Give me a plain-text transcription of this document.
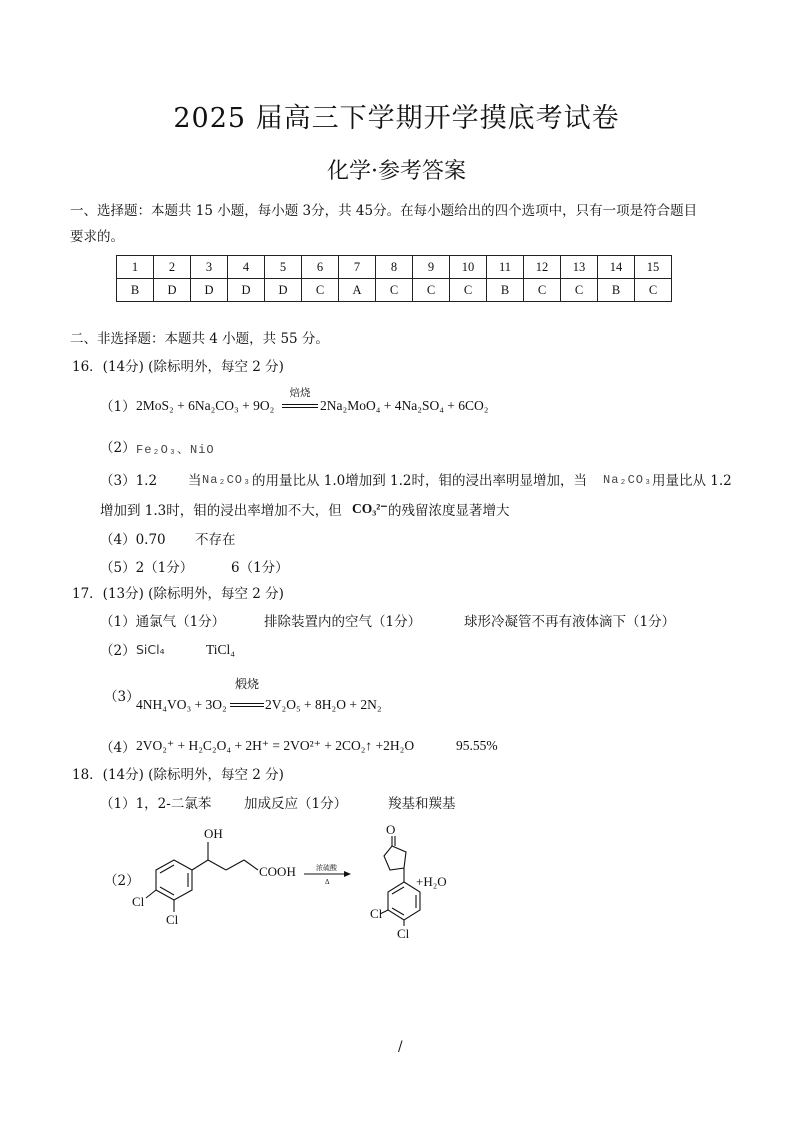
2025 届高三下学期开学摸底考试卷
化学·参考答案
一、选择题：本题共 15 小题，每小题 3分，共 45分。在每小题给出的四个选项中，只有一项是符合题目
要求的。
1	2	3	4	5	6	7	8	9	10	11	12	13	14	15
B	D	D	D	D	C	A	C	C	C	B	C	C	B	C
二、非选择题：本题共 4 小题，共 55 分。
16．(14分) (除标明外，每空 2 分)
（1） 2MoS₂ + 6Na₂CO₃ + 9O₂
焙烧
2Na₂MoO₄ + 4Na₂SO₄ + 6CO₂
（2） Fe₂O₃、NiO
（3）1.2 当 Na₂CO₃ 的用量比从 1.0增加到 1.2时，钼的浸出率明显增加，当 Na₂CO₃ 用量比从 1.2
增加到 1.3时，钼的浸出率增加不大，但 CO₃²⁻ 的残留浓度显著增大
（4）0.70 不存在
（5）2（1分）	6（1分）
17．(13分) (除标明外，每空 2 分)
（1）通氯气（1分）	排除装置内的空气（1分）	球形冷凝管不再有液体滴下（1分）
（2） SiCl₄	TiCl₄
（3）
4NH₄VO₃ + 3O₂
煅烧
2V₂O₅ + 8H₂O + 2N₂
（4） 2VO₂⁺ + H₂C₂O₄ + 2H⁺ = 2VO²⁺ + 2CO₂↑ +2H₂O	95.55%
18．(14分) (除标明外，每空 2 分)
（1）1，2-二氯苯 加成反应（1分）	羧基和羰基
（2）
OH
COOH
Cl
Cl
浓硫酸
Δ
O
Cl
Cl
+H₂O
/
